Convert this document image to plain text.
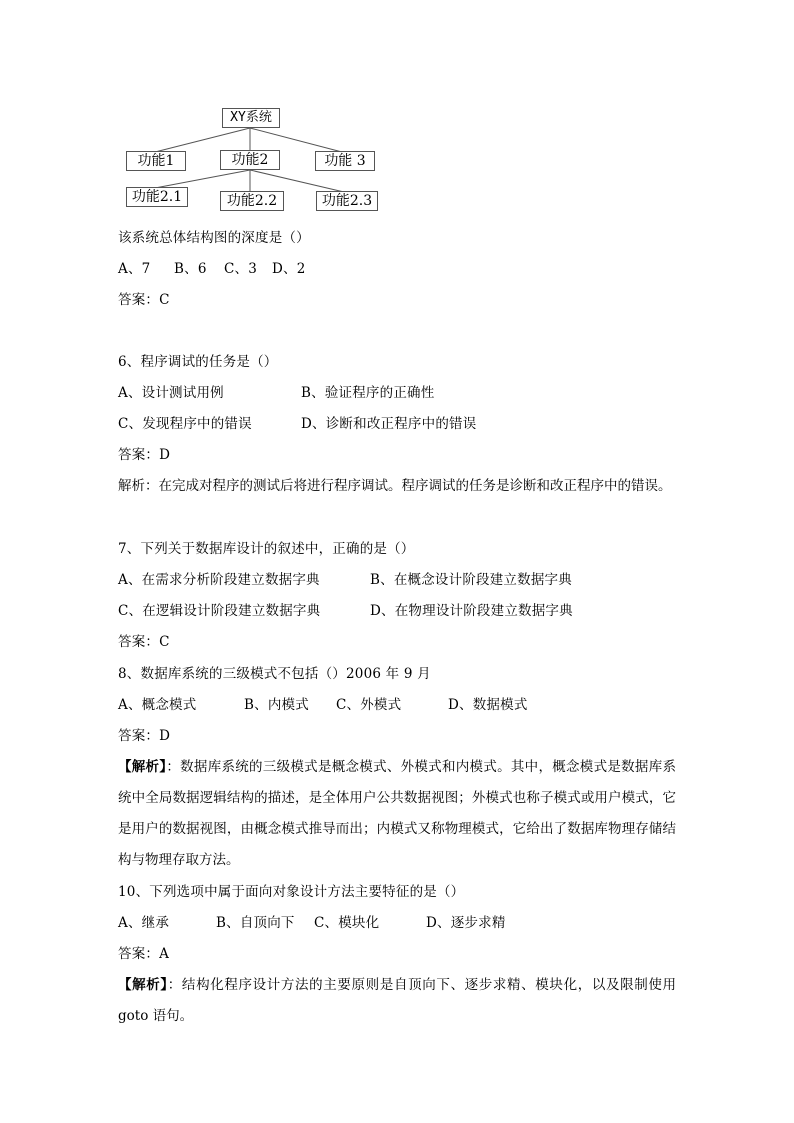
XY系统
功能1	功能2	功能 3
功能2.1	功能2.2	功能2.3
该系统总体结构图的深度是（）
A、7 B、6 C、3 D、2
答案：C
6、程序调试的任务是（）
A、设计测试用例	B、验证程序的正确性
C、发现程序中的错误	D、诊断和改正程序中的错误
答案：D
解析：在完成对程序的测试后将进行程序调试。程序调试的任务是诊断和改正程序中的错误。
7、下列关于数据库设计的叙述中，正确的是（）
A、在需求分析阶段建立数据字典	B、在概念设计阶段建立数据字典
C、在逻辑设计阶段建立数据字典	D、在物理设计阶段建立数据字典
答案：C
8、数据库系统的三级模式不包括（）2006 年 9 月
A、概念模式	B、内模式 C、外模式	D、数据模式
答案：D
【解析】：数据库系统的三级模式是概念模式、外模式和内模式。其中，概念模式是数据库系统中全局数据逻辑结构的描述，是全体用户公共数据视图；外模式也称子模式或用户模式，它是用户的数据视图，由概念模式推导而出；内模式又称物理模式，它给出了数据库物理存储结构与物理存取方法。
10、下列选项中属于面向对象设计方法主要特征的是（）
A、继承	B、自顶向下 C、模块化	D、逐步求精
答案：A
【解析】：结构化程序设计方法的主要原则是自顶向下、逐步求精、模块化，以及限制使用 goto 语句。
